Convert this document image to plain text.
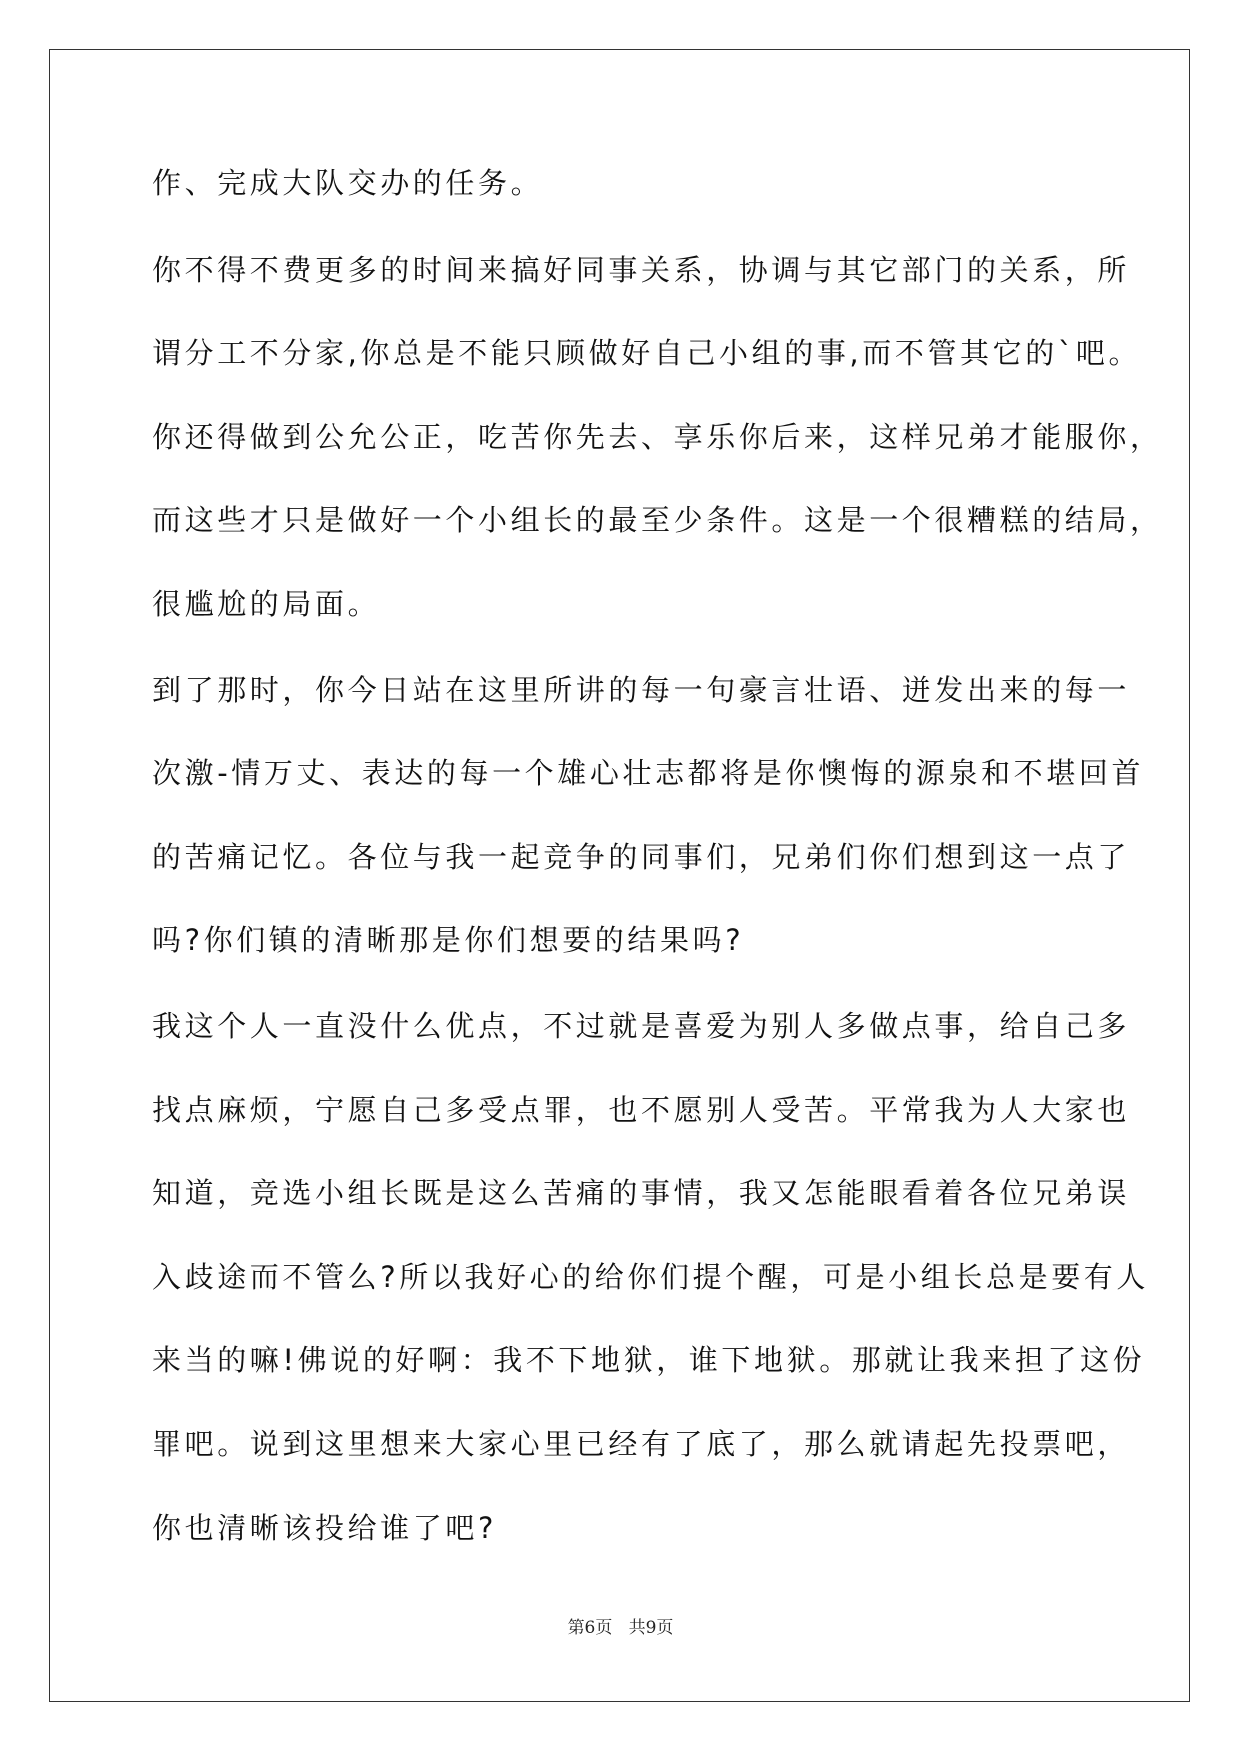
作、完成大队交办的任务。
你不得不费更多的时间来搞好同事关系，协调与其它部门的关系，所
谓分工不分家,你总是不能只顾做好自己小组的事,而不管其它的`吧。
你还得做到公允公正，吃苦你先去、享乐你后来，这样兄弟才能服你，
而这些才只是做好一个小组长的最至少条件。这是一个很糟糕的结局，
很尴尬的局面。
到了那时，你今日站在这里所讲的每一句豪言壮语、迸发出来的每一
次激-情万丈、表达的每一个雄心壮志都将是你懊悔的源泉和不堪回首
的苦痛记忆。各位与我一起竞争的同事们，兄弟们你们想到这一点了
吗?你们镇的清晰那是你们想要的结果吗?
我这个人一直没什么优点，不过就是喜爱为别人多做点事，给自己多
找点麻烦，宁愿自己多受点罪，也不愿别人受苦。平常我为人大家也
知道，竞选小组长既是这么苦痛的事情，我又怎能眼看着各位兄弟误
入歧途而不管么?所以我好心的给你们提个醒，可是小组长总是要有人
来当的嘛!佛说的好啊：我不下地狱，谁下地狱。那就让我来担了这份
罪吧。说到这里想来大家心里已经有了底了，那么就请起先投票吧，
你也清晰该投给谁了吧?
第6页 共9页
